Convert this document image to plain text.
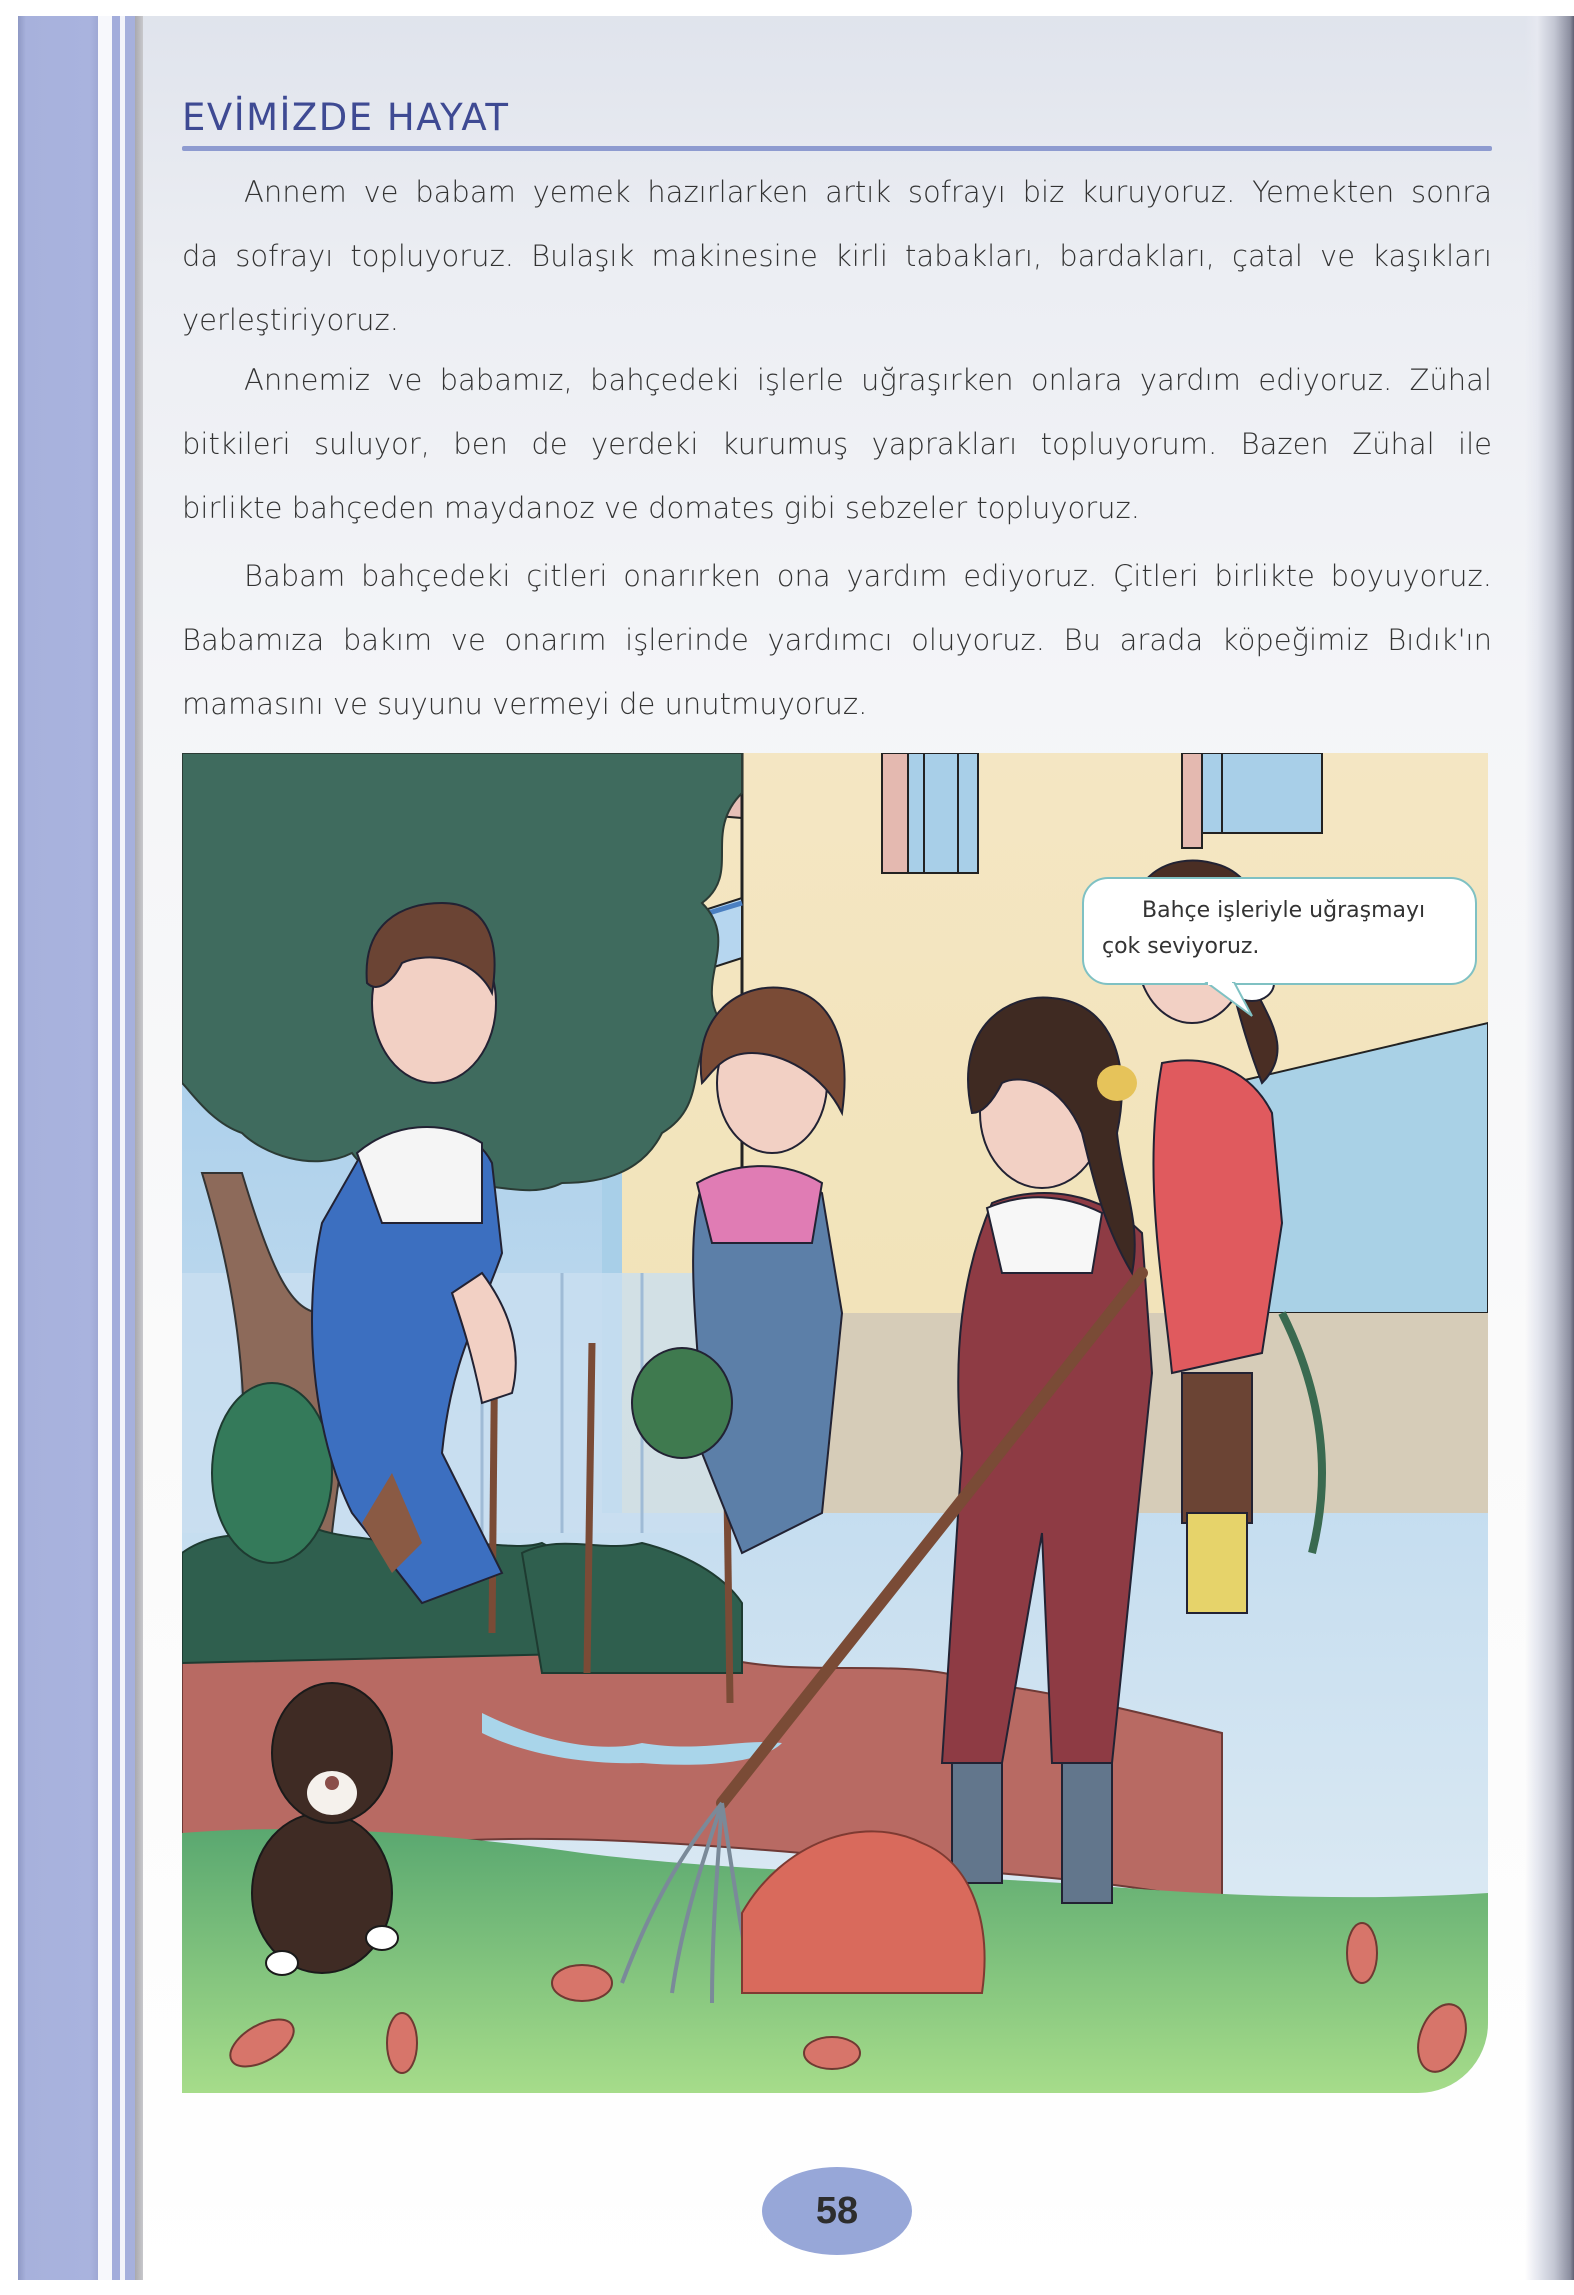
EVİMİZDE HAYAT
Annem ve babam yemek hazırlarken artık sofrayı biz kuruyoruz. Yemekten sonra
da sofrayı topluyoruz. Bulaşık makinesine kirli tabakları, bardakları, çatal ve kaşıkları
yerleştiriyoruz.
Annemiz ve babamız, bahçedeki işlerle uğraşırken onlara yardım ediyoruz. Zühal
bitkileri suluyor, ben de yerdeki kurumuş yaprakları topluyorum. Bazen Zühal ile
birlikte bahçeden maydanoz ve domates gibi sebzeler topluyoruz.
Babam bahçedeki çitleri onarırken ona yardım ediyoruz. Çitleri birlikte boyuyoruz.
Babamıza bakım ve onarım işlerinde yardımcı oluyoruz. Bu arada köpeğimiz Bıdık'ın
mamasını ve suyunu vermeyi de unutmuyoruz.
Bahçe işleriyle uğraşmayı
çok seviyoruz.
58
